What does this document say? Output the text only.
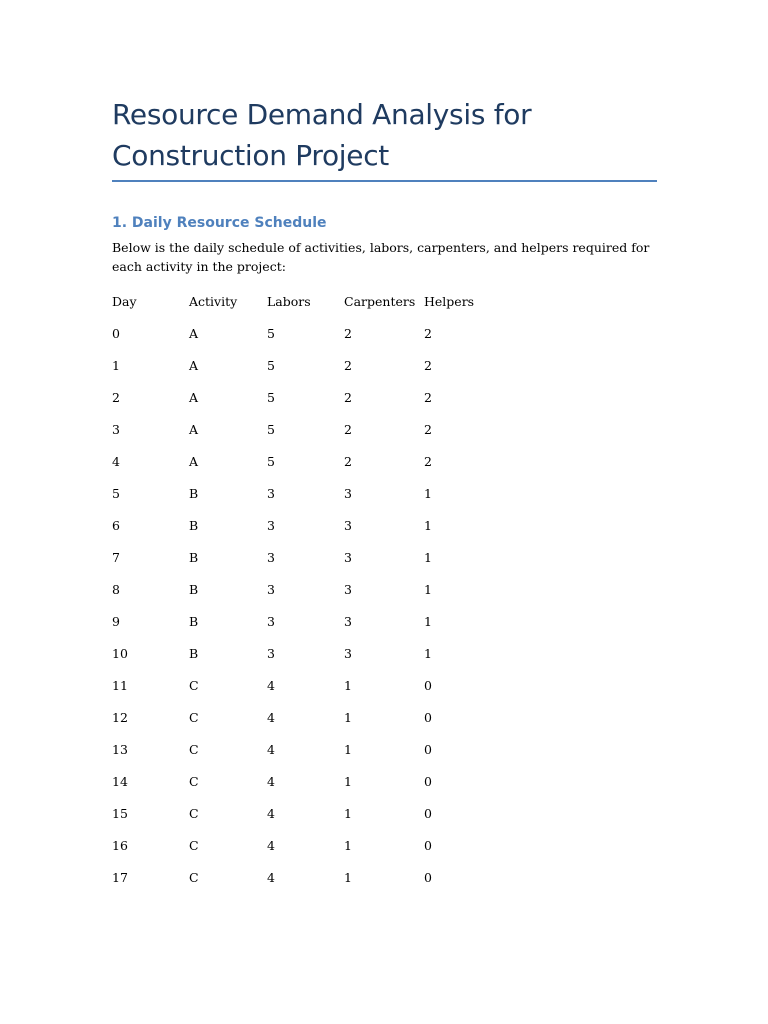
Resource Demand Analysis for Construction Project
1. Daily Resource Schedule

Below is the daily schedule of activities, labors, carpenters, and helpers required for each activity in the project:

Day	Activity	Labors	Carpenters	Helpers
0	A	5	2	2
1	A	5	2	2
2	A	5	2	2
3	A	5	2	2
4	A	5	2	2
5	B	3	3	1
6	B	3	3	1
7	B	3	3	1
8	B	3	3	1
9	B	3	3	1
10	B	3	3	1
11	C	4	1	0
12	C	4	1	0
13	C	4	1	0
14	C	4	1	0
15	C	4	1	0
16	C	4	1	0
17	C	4	1	0
